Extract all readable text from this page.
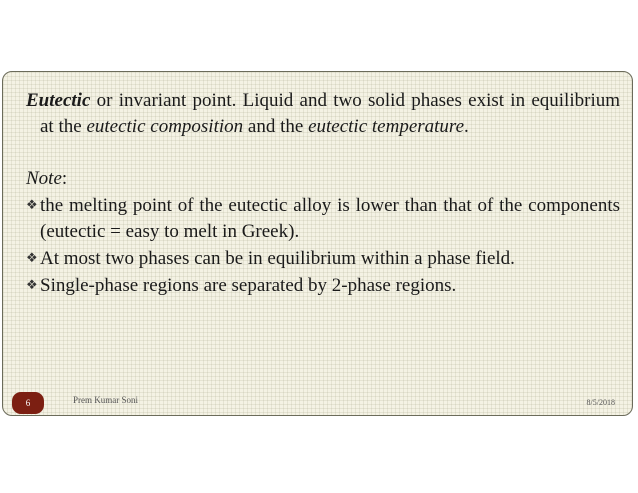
Eutectic or invariant point. Liquid and two solid phases exist in equilibrium at the eutectic composition and the eutectic temperature.

Note:

❖ the melting point of the eutectic alloy is lower than that of the components (eutectic = easy to melt in Greek).

❖ At most two phases can be in equilibrium within a phase field.

❖ Single-phase regions are separated by 2-phase regions.

6	Prem Kumar Soni	8/5/2018
